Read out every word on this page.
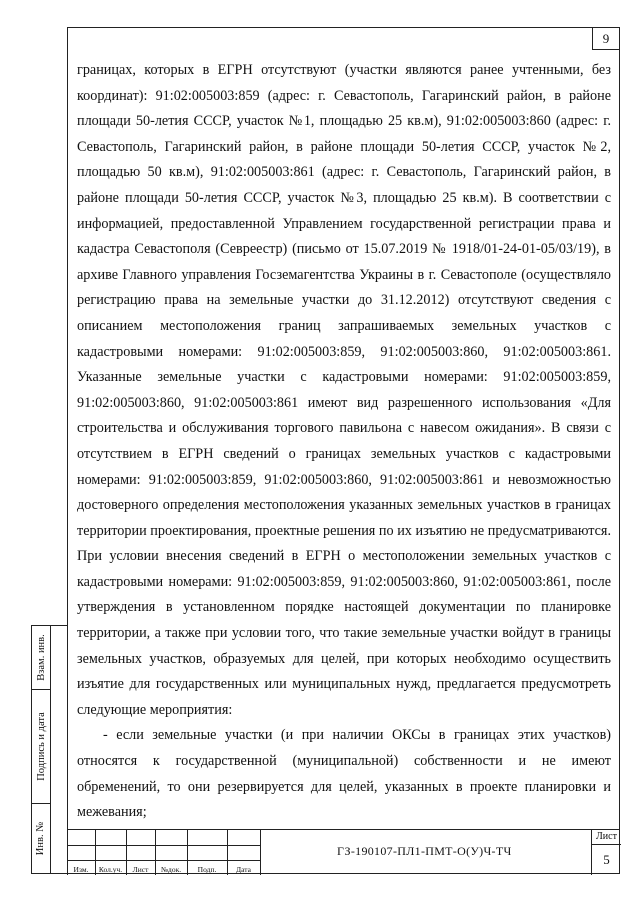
9

границах, которых в ЕГРН отсутствуют (участки являются ранее учтенными, без координат): 91:02:005003:859 (адрес: г. Севастополь, Гагаринский район, в районе площади 50-летия СССР, участок №1, площадью 25 кв.м), 91:02:005003:860 (адрес: г. Севастополь, Гагаринский район, в районе площади 50-летия СССР, участок №2, площадью 50 кв.м), 91:02:005003:861 (адрес: г. Севастополь, Гагаринский район, в районе площади 50-летия СССР, участок №3, площадью 25 кв.м). В соответствии с информацией, предоставленной Управлением государственной регистрации права и кадастра Севастополя (Севреестр) (письмо от 15.07.2019 № 1918/01-24-01-05/03/19), в архиве Главного управления Госземагентства Украины в г. Севастополе (осуществляло регистрацию права на земельные участки до 31.12.2012) отсутствуют сведения с описанием местоположения границ запрашиваемых земельных участков с кадастровыми номерами: 91:02:005003:859, 91:02:005003:860, 91:02:005003:861. Указанные земельные участки с кадастровыми номерами: 91:02:005003:859, 91:02:005003:860, 91:02:005003:861 имеют вид разрешенного использования «Для строительства и обслуживания торгового павильона с навесом ожидания». В связи с отсутствием в ЕГРН сведений о границах земельных участков с кадастровыми номерами: 91:02:005003:859, 91:02:005003:860, 91:02:005003:861 и невозможностью достоверного определения местоположения указанных земельных участков в границах территории проектирования, проектные решения по их изъятию не предусматриваются. При условии внесения сведений в ЕГРН о местоположении земельных участков с кадастровыми номерами: 91:02:005003:859, 91:02:005003:860, 91:02:005003:861, после утверждения в установленном порядке настоящей документации по планировке территории, а также при условии того, что такие земельные участки войдут в границы земельных участков, образуемых для целей, при которых необходимо осуществить изъятие для государственных или муниципальных нужд, предлагается предусмотреть следующие мероприятия:

- если земельные участки (и при наличии ОКСы в границах этих участков) относятся к государственной (муниципальной) собственности и не имеют обременений, то они резервируется для целей, указанных в проекте планировки и межевания;

Взам. инв.
Подпись и дата
Инв. №
Изм.	Кол.уч.	Лист	№док.	Подп.	Дата
ГЗ-190107-ПЛ1-ПМТ-О(У)Ч-ТЧ
Лист
5
